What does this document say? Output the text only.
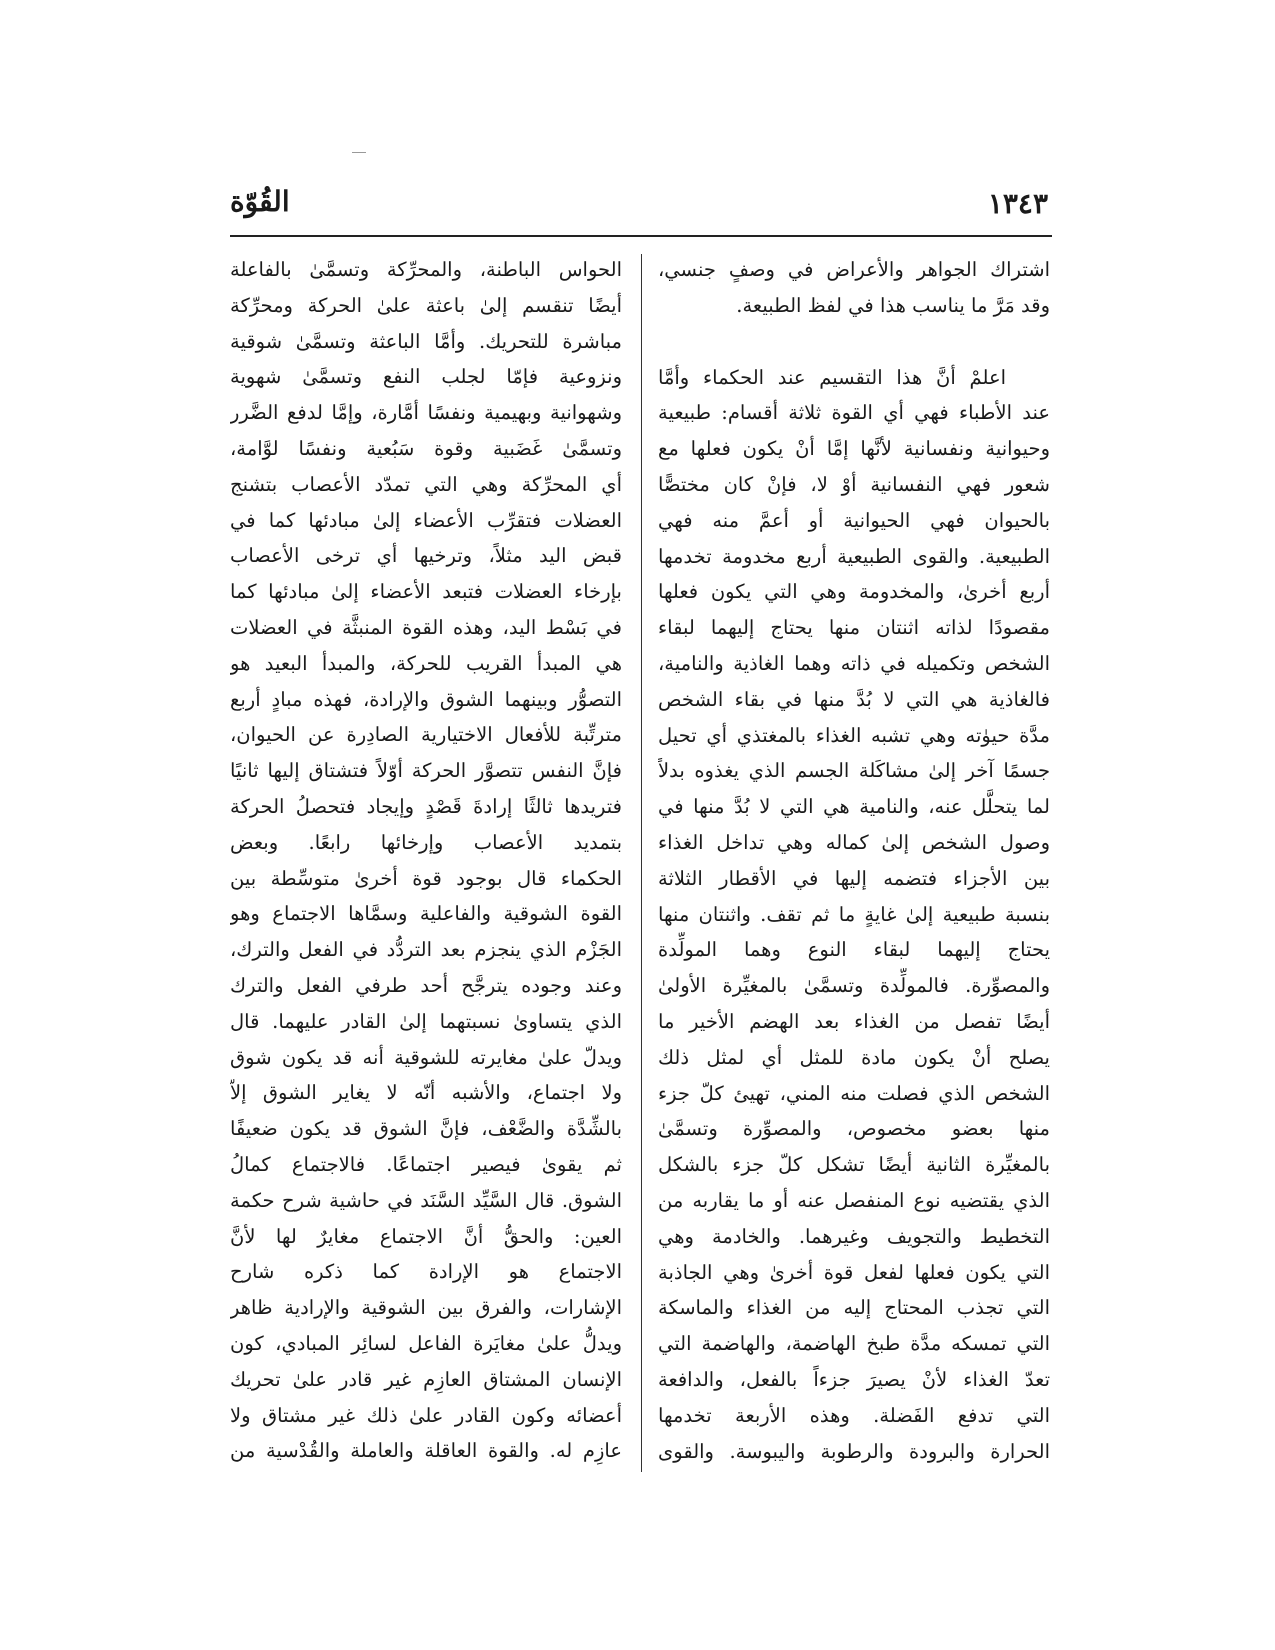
١٣٤٣
القُوّة
اشتراك الجواهر والأعراض في وصفٍ جنسي،
وقد مَرَّ ما يناسب هذا في لفظ الطبيعة.
اعلمْ أنَّ هذا التقسيم عند الحكماء وأمَّا
عند الأطباء فهي أي القوة ثلاثة أقسام: طبيعية
وحيوانية ونفسانية لأنَّها إمَّا أنْ يكون فعلها مع
شعور فهي النفسانية أوْ لا، فإنْ كان مختصًّا
بالحيوان فهي الحيوانية أو أعمَّ منه فهي
الطبيعية. والقوى الطبيعية أربع مخدومة تخدمها
أربع أخرىٰ، والمخدومة وهي التي يكون فعلها
مقصودًا لذاته اثنتان منها يحتاج إليهما لبقاء
الشخص وتكميله في ذاته وهما الغاذية والنامية،
فالغاذية هي التي لا بُدَّ منها في بقاء الشخص
مدَّة حيوٰته وهي تشبه الغذاء بالمغتذي أي تحيل
جسمًا آخر إلىٰ مشاكَلة الجسم الذي يغذوه بدلاً
لما يتحلَّل عنه، والنامية هي التي لا بُدَّ منها في
وصول الشخص إلىٰ كماله وهي تداخل الغذاء
بين الأجزاء فتضمه إليها في الأقطار الثلاثة
بنسبة طبيعية إلىٰ غايةٍ ما ثم تقف. واثنتان منها
يحتاج إليهما لبقاء النوع وهما المولِّدة
والمصوِّرة. فالمولِّدة وتسمَّىٰ بالمغيِّرة الأولىٰ
أيضًا تفصل من الغذاء بعد الهضم الأخير ما
يصلح أنْ يكون مادة للمثل أي لمثل ذلك
الشخص الذي فصلت منه المني، تهيئ كلّ جزء
منها بعضو مخصوص، والمصوِّرة وتسمَّىٰ
بالمغيِّرة الثانية أيضًا تشكل كلّ جزء بالشكل
الذي يقتضيه نوع المنفصل عنه أو ما يقاربه من
التخطيط والتجويف وغيرهما. والخادمة وهي
التي يكون فعلها لفعل قوة أخرىٰ وهي الجاذبة
التي تجذب المحتاج إليه من الغذاء والماسكة
التي تمسكه مدَّة طبخ الهاضمة، والهاضمة التي
تعدّ الغذاء لأنْ يصيرَ جزءاً بالفعل، والدافعة
التي تدفع الفَضلة. وهذه الأربعة تخدمها
الحرارة والبرودة والرطوبة واليبوسة. والقوى
الحواس الباطنة، والمحرِّكة وتسمَّىٰ بالفاعلة
أيضًا تنقسم إلىٰ باعثة علىٰ الحركة ومحرِّكة
مباشرة للتحريك. وأمَّا الباعثة وتسمَّىٰ شوقية
ونزوعية فإمّا لجلب النفع وتسمَّىٰ شهوية
وشهوانية وبهيمية ونفسًا أمَّارة، وإمَّا لدفع الضَّرر
وتسمَّىٰ غَضَبية وقوة سَبُعية ونفسًا لوَّامة،
أي المحرِّكة وهي التي تمدّد الأعصاب بتشنج
العضلات فتقرِّب الأعضاء إلىٰ مبادئها كما في
قبض اليد مثلاً، وترخيها أي ترخى الأعصاب
بإرخاء العضلات فتبعد الأعضاء إلىٰ مبادئها كما
في بَسْط اليد، وهذه القوة المنبثَّة في العضلات
هي المبدأ القريب للحركة، والمبدأ البعيد هو
التصوُّر وبينهما الشوق والإرادة، فهذه مبادٍ أربع
مترتِّبة للأفعال الاختيارية الصادِرة عن الحيوان،
فإنَّ النفس تتصوَّر الحركة أوّلاً فتشتاق إليها ثانيًا
فتريدها ثالثًا إرادةَ قَصْدٍ وإيجاد فتحصلُ الحركة
بتمديد الأعصاب وإرخائها رابعًا. وبعض
الحكماء قال بوجود قوة أخرىٰ متوسِّطة بين
القوة الشوقية والفاعلية وسمَّاها الاجتماع وهو
الجَزْم الذي ينجزم بعد التردُّد في الفعل والترك،
وعند وجوده يترجَّح أحد طرفي الفعل والترك
الذي يتساوىٰ نسبتهما إلىٰ القادر عليهما. قال
ويدلّ علىٰ مغايرته للشوقية أنه قد يكون شوق
ولا اجتماع، والأشبه أنّه لا يغاير الشوق إلاّ
بالشِّدَّة والضَّعْف، فإنَّ الشوق قد يكون ضعيفًا
ثم يقوىٰ فيصير اجتماعًا. فالاجتماع كمالُ
الشوق. قال السَّيِّد السَّنَد في حاشية شرح حكمة
العين: والحقُّ أنَّ الاجتماع مغايرٌ لها لأنَّ
الاجتماع هو الإرادة كما ذكره شارح
الإشارات، والفرق بين الشوقية والإرادية ظاهر
ويدلُّ علىٰ مغايَرة الفاعل لسائِر المبادي، كون
الإنسان المشتاق العازِم غير قادر علىٰ تحريك
أعضائه وكون القادر علىٰ ذلك غير مشتاق ولا
عازِم له. والقوة العاقلة والعاملة والقُدْسية من
